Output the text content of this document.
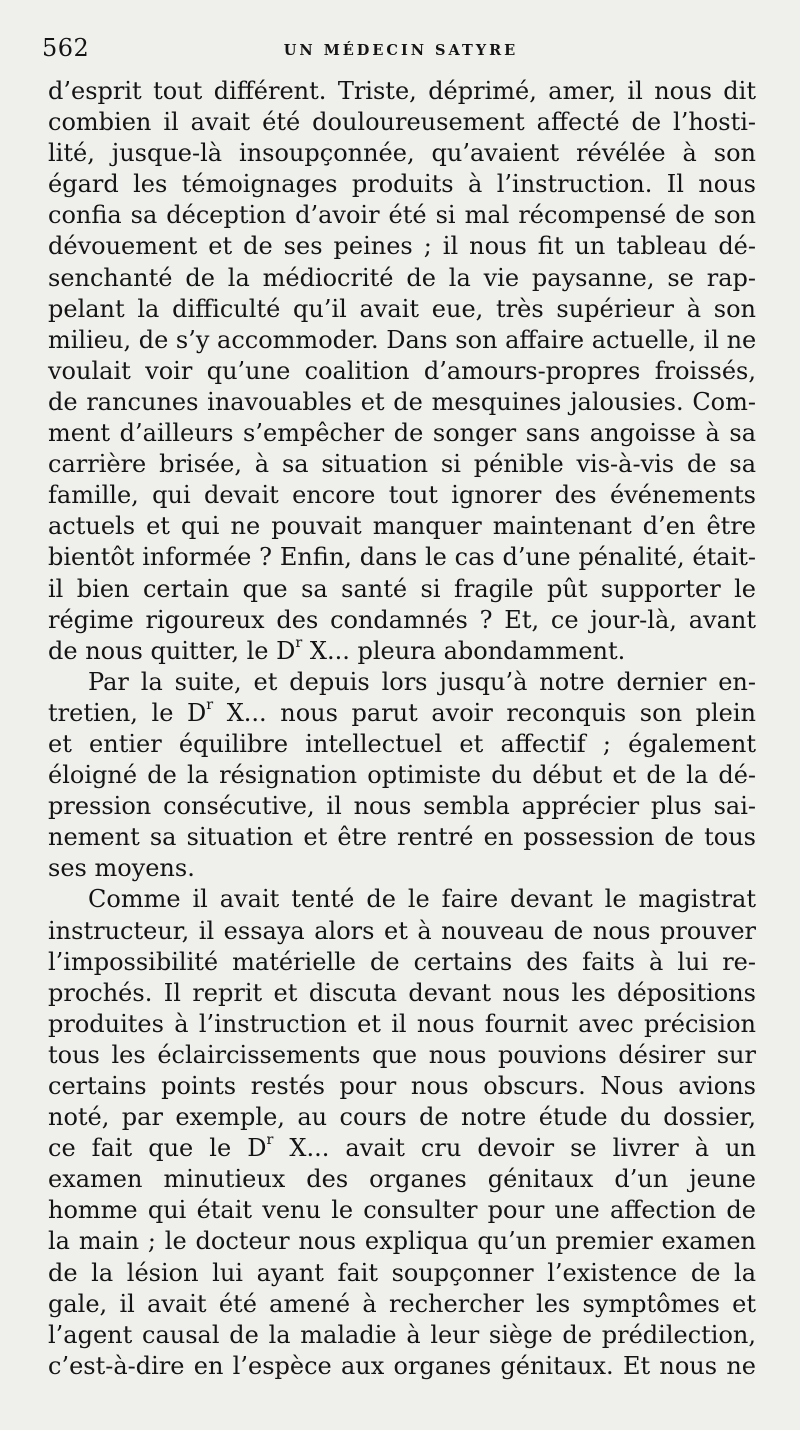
562	UN MÉDECIN SATYRE
d’esprit tout différent. Triste, déprimé, amer, il nous dit
combien il avait été douloureusement affecté de l’hosti-
lité, jusque-là insoupçonnée, qu’avaient révélée à son
égard les témoignages produits à l’instruction. Il nous
confia sa déception d’avoir été si mal récompensé de son
dévouement et de ses peines ; il nous fit un tableau dé-
senchanté de la médiocrité de la vie paysanne, se rap-
pelant la difficulté qu’il avait eue, très supérieur à son
milieu, de s’y accommoder. Dans son affaire actuelle, il ne
voulait voir qu’une coalition d’amours-propres froissés,
de rancunes inavouables et de mesquines jalousies. Com-
ment d’ailleurs s’empêcher de songer sans angoisse à sa
carrière brisée, à sa situation si pénible vis-à-vis de sa
famille, qui devait encore tout ignorer des événements
actuels et qui ne pouvait manquer maintenant d’en être
bientôt informée ? Enfin, dans le cas d’une pénalité, était-
il bien certain que sa santé si fragile pût supporter le
régime rigoureux des condamnés ? Et, ce jour-là, avant
de nous quitter, le $D^r$ X... pleura abondamment.
Par la suite, et depuis lors jusqu’à notre dernier en-
tretien, le $D^r$ X... nous parut avoir reconquis son plein
et entier équilibre intellectuel et affectif ; également
éloigné de la résignation optimiste du début et de la dé-
pression consécutive, il nous sembla apprécier plus sai-
nement sa situation et être rentré en possession de tous
ses moyens.
Comme il avait tenté de le faire devant le magistrat
instructeur, il essaya alors et à nouveau de nous prouver
l’impossibilité matérielle de certains des faits à lui re-
prochés. Il reprit et discuta devant nous les dépositions
produites à l’instruction et il nous fournit avec précision
tous les éclaircissements que nous pouvions désirer sur
certains points restés pour nous obscurs. Nous avions
noté, par exemple, au cours de notre étude du dossier,
ce fait que le $D^r$ X... avait cru devoir se livrer à un
examen minutieux des organes génitaux d’un jeune
homme qui était venu le consulter pour une affection de
la main ; le docteur nous expliqua qu’un premier examen
de la lésion lui ayant fait soupçonner l’existence de la
gale, il avait été amené à rechercher les symptômes et
l’agent causal de la maladie à leur siège de prédilection,
c’est-à-dire en l’espèce aux organes génitaux. Et nous ne
